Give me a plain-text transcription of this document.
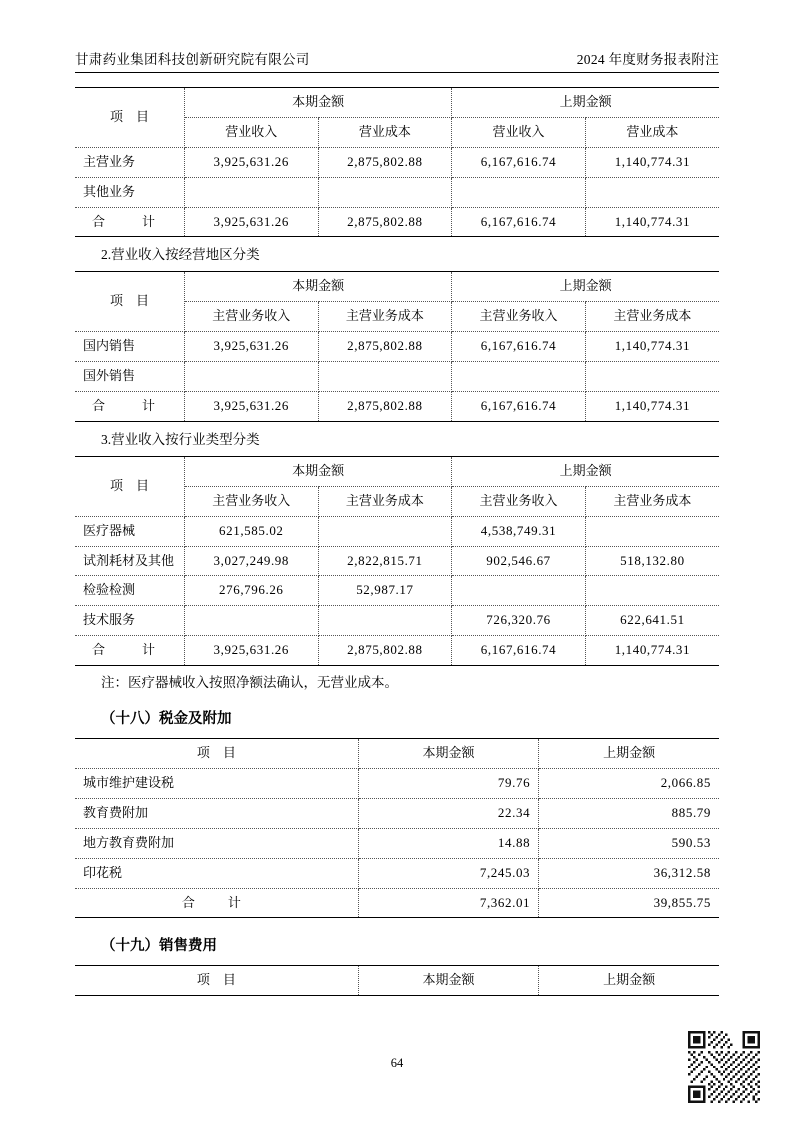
甘肃药业集团科技创新研究院有限公司	2024 年度财务报表附注
项　目	本期金额		上期金额	
	营业收入	营业成本	营业收入	营业成本
主营业务	3,925,631.26	2,875,802.88	6,167,616.74	1,140,774.31
其他业务				
合　计	3,925,631.26	2,875,802.88	6,167,616.74	1,140,774.31
2.营业收入按经营地区分类
项　目	本期金额		上期金额	
	主营业务收入	主营业务成本	主营业务收入	主营业务成本
国内销售	3,925,631.26	2,875,802.88	6,167,616.74	1,140,774.31
国外销售				
合　计	3,925,631.26	2,875,802.88	6,167,616.74	1,140,774.31
3.营业收入按行业类型分类
项　目	本期金额		上期金额	
	主营业务收入	主营业务成本	主营业务收入	主营业务成本
医疗器械	621,585.02		4,538,749.31	
试剂耗材及其他	3,027,249.98	2,822,815.71	902,546.67	518,132.80
检验检测	276,796.26	52,987.17		
技术服务			726,320.76	622,641.51
合　计	3,925,631.26	2,875,802.88	6,167,616.74	1,140,774.31
注：医疗器械收入按照净额法确认，无营业成本。
（十八）税金及附加
项　目	本期金额	上期金额
城市维护建设税	79.76	2,066.85
教育费附加	22.34	885.79
地方教育费附加	14.88	590.53
印花税	7,245.03	36,312.58
合　计	7,362.01	39,855.75
（十九）销售费用
项　目	本期金额	上期金额
64
